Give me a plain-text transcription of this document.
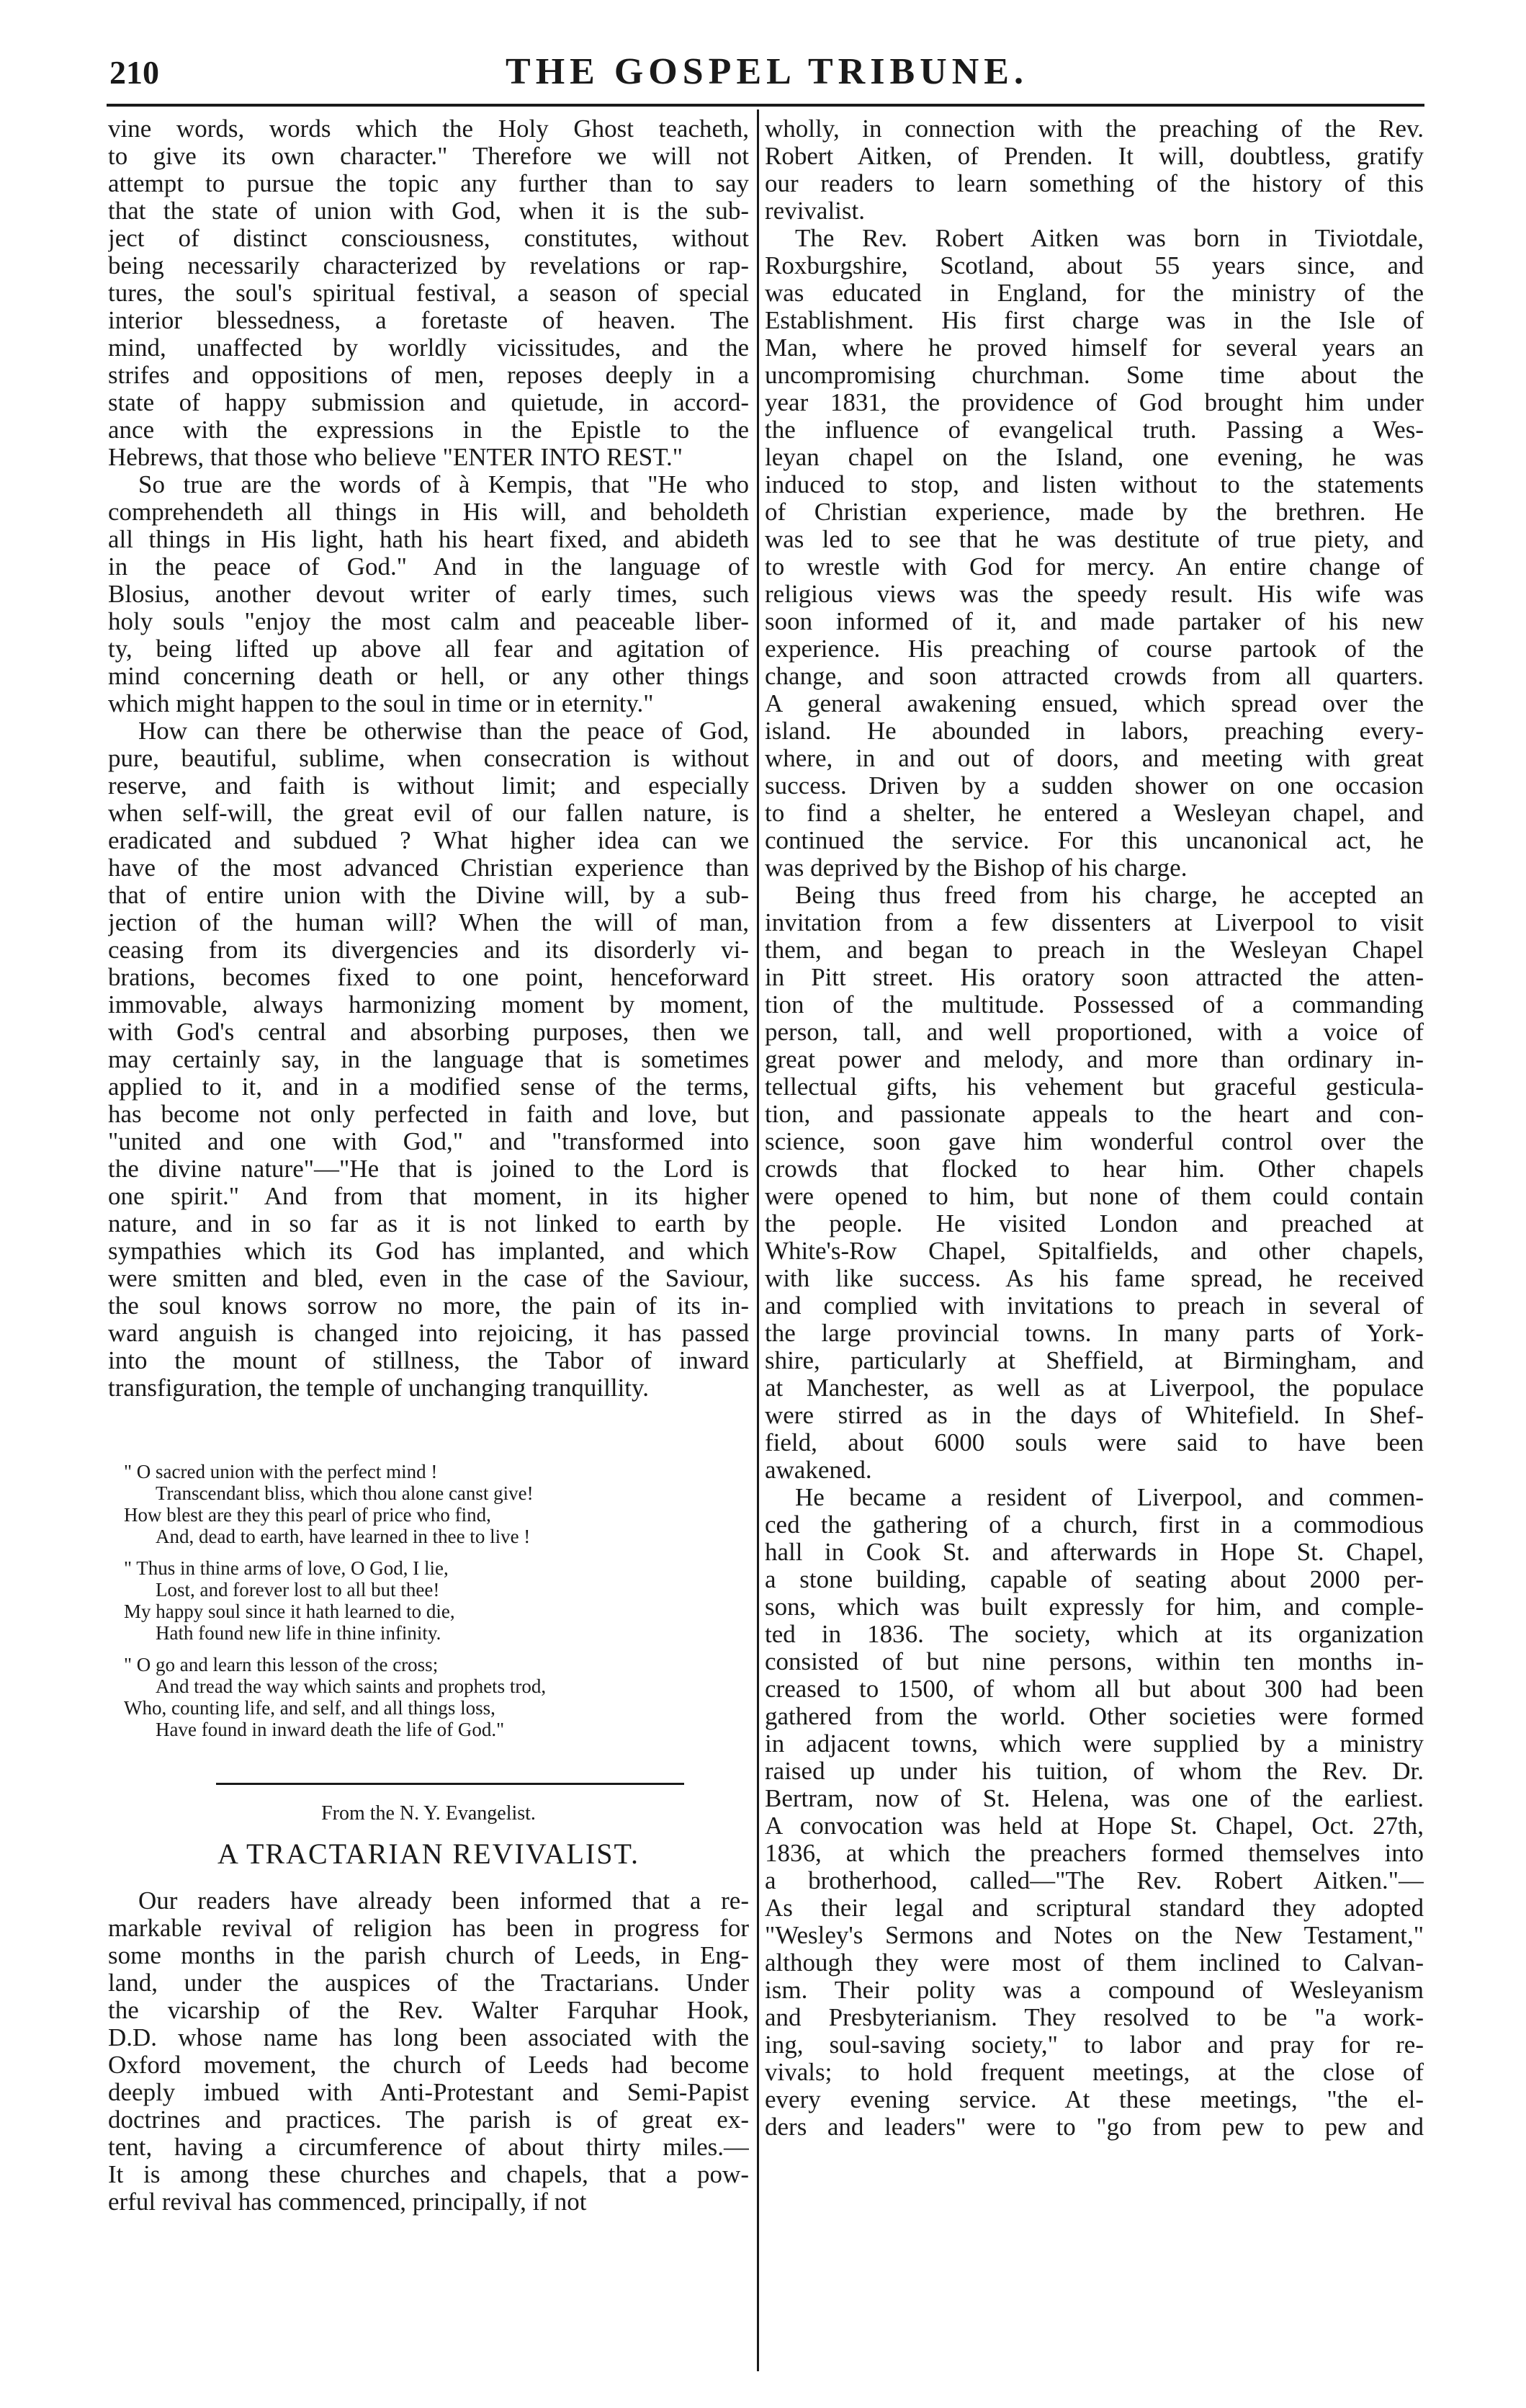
210	THE GOSPEL TRIBUNE.
vine words, words which the Holy Ghost teacheth,
to give its own character." Therefore we will not
attempt to pursue the topic any further than to say
that the state of union with God, when it is the sub-
ject of distinct consciousness, constitutes, without
being necessarily characterized by revelations or rap-
tures, the soul's spiritual festival, a season of special
interior blessedness, a foretaste of heaven. The
mind, unaffected by worldly vicissitudes, and the
strifes and oppositions of men, reposes deeply in a
state of happy submission and quietude, in accord-
ance with the expressions in the Epistle to the
Hebrews, that those who believe "ENTER INTO REST."
So true are the words of à Kempis, that "He who
comprehendeth all things in His will, and beholdeth
all things in His light, hath his heart fixed, and abideth
in the peace of God." And in the language of
Blosius, another devout writer of early times, such
holy souls "enjoy the most calm and peaceable liber-
ty, being lifted up above all fear and agitation of
mind concerning death or hell, or any other things
which might happen to the soul in time or in eternity."
How can there be otherwise than the peace of God,
pure, beautiful, sublime, when consecration is without
reserve, and faith is without limit; and especially
when self-will, the great evil of our fallen nature, is
eradicated and subdued ? What higher idea can we
have of the most advanced Christian experience than
that of entire union with the Divine will, by a sub-
jection of the human will? When the will of man,
ceasing from its divergencies and its disorderly vi-
brations, becomes fixed to one point, henceforward
immovable, always harmonizing moment by moment,
with God's central and absorbing purposes, then we
may certainly say, in the language that is sometimes
applied to it, and in a modified sense of the terms,
has become not only perfected in faith and love, but
"united and one with God," and "transformed into
the divine nature"—"He that is joined to the Lord is
one spirit." And from that moment, in its higher
nature, and in so far as it is not linked to earth by
sympathies which its God has implanted, and which
were smitten and bled, even in the case of the Saviour,
the soul knows sorrow no more, the pain of its in-
ward anguish is changed into rejoicing, it has passed
into the mount of stillness, the Tabor of inward
transfiguration, the temple of unchanging tranquillity.
" O sacred union with the perfect mind !
Transcendant bliss, which thou alone canst give!
How blest are they this pearl of price who find,
And, dead to earth, have learned in thee to live !
" Thus in thine arms of love, O God, I lie,
Lost, and forever lost to all but thee!
My happy soul since it hath learned to die,
Hath found new life in thine infinity.
" O go and learn this lesson of the cross;
And tread the way which saints and prophets trod,
Who, counting life, and self, and all things loss,
Have found in inward death the life of God."
From the N. Y. Evangelist.
A TRACTARIAN REVIVALIST.
Our readers have already been informed that a re-
markable revival of religion has been in progress for
some months in the parish church of Leeds, in Eng-
land, under the auspices of the Tractarians. Under
the vicarship of the Rev. Walter Farquhar Hook,
D.D. whose name has long been associated with the
Oxford movement, the church of Leeds had become
deeply imbued with Anti-Protestant and Semi-Papist
doctrines and practices. The parish is of great ex-
tent, having a circumference of about thirty miles.—
It is among these churches and chapels, that a pow-
erful revival has commenced, principally, if not
wholly, in connection with the preaching of the Rev.
Robert Aitken, of Prenden. It will, doubtless, gratify
our readers to learn something of the history of this
revivalist.
The Rev. Robert Aitken was born in Tiviotdale,
Roxburgshire, Scotland, about 55 years since, and
was educated in England, for the ministry of the
Establishment. His first charge was in the Isle of
Man, where he proved himself for several years an
uncompromising churchman. Some time about the
year 1831, the providence of God brought him under
the influence of evangelical truth. Passing a Wes-
leyan chapel on the Island, one evening, he was
induced to stop, and listen without to the statements
of Christian experience, made by the brethren. He
was led to see that he was destitute of true piety, and
to wrestle with God for mercy. An entire change of
religious views was the speedy result. His wife was
soon informed of it, and made partaker of his new
experience. His preaching of course partook of the
change, and soon attracted crowds from all quarters.
A general awakening ensued, which spread over the
island. He abounded in labors, preaching every-
where, in and out of doors, and meeting with great
success. Driven by a sudden shower on one occasion
to find a shelter, he entered a Wesleyan chapel, and
continued the service. For this uncanonical act, he
was deprived by the Bishop of his charge.
Being thus freed from his charge, he accepted an
invitation from a few dissenters at Liverpool to visit
them, and began to preach in the Wesleyan Chapel
in Pitt street. His oratory soon attracted the atten-
tion of the multitude. Possessed of a commanding
person, tall, and well proportioned, with a voice of
great power and melody, and more than ordinary in-
tellectual gifts, his vehement but graceful gesticula-
tion, and passionate appeals to the heart and con-
science, soon gave him wonderful control over the
crowds that flocked to hear him. Other chapels
were opened to him, but none of them could contain
the people. He visited London and preached at
White's-Row Chapel, Spitalfields, and other chapels,
with like success. As his fame spread, he received
and complied with invitations to preach in several of
the large provincial towns. In many parts of York-
shire, particularly at Sheffield, at Birmingham, and
at Manchester, as well as at Liverpool, the populace
were stirred as in the days of Whitefield. In Shef-
field, about 6000 souls were said to have been
awakened.
He became a resident of Liverpool, and commen-
ced the gathering of a church, first in a commodious
hall in Cook St. and afterwards in Hope St. Chapel,
a stone building, capable of seating about 2000 per-
sons, which was built expressly for him, and comple-
ted in 1836. The society, which at its organization
consisted of but nine persons, within ten months in-
creased to 1500, of whom all but about 300 had been
gathered from the world. Other societies were formed
in adjacent towns, which were supplied by a ministry
raised up under his tuition, of whom the Rev. Dr.
Bertram, now of St. Helena, was one of the earliest.
A convocation was held at Hope St. Chapel, Oct. 27th,
1836, at which the preachers formed themselves into
a brotherhood, called—"The Rev. Robert Aitken."—
As their legal and scriptural standard they adopted
"Wesley's Sermons and Notes on the New Testament,"
although they were most of them inclined to Calvan-
ism. Their polity was a compound of Wesleyanism
and Presbyterianism. They resolved to be "a work-
ing, soul-saving society," to labor and pray for re-
vivals; to hold frequent meetings, at the close of
every evening service. At these meetings, "the el-
ders and leaders" were to "go from pew to pew and
